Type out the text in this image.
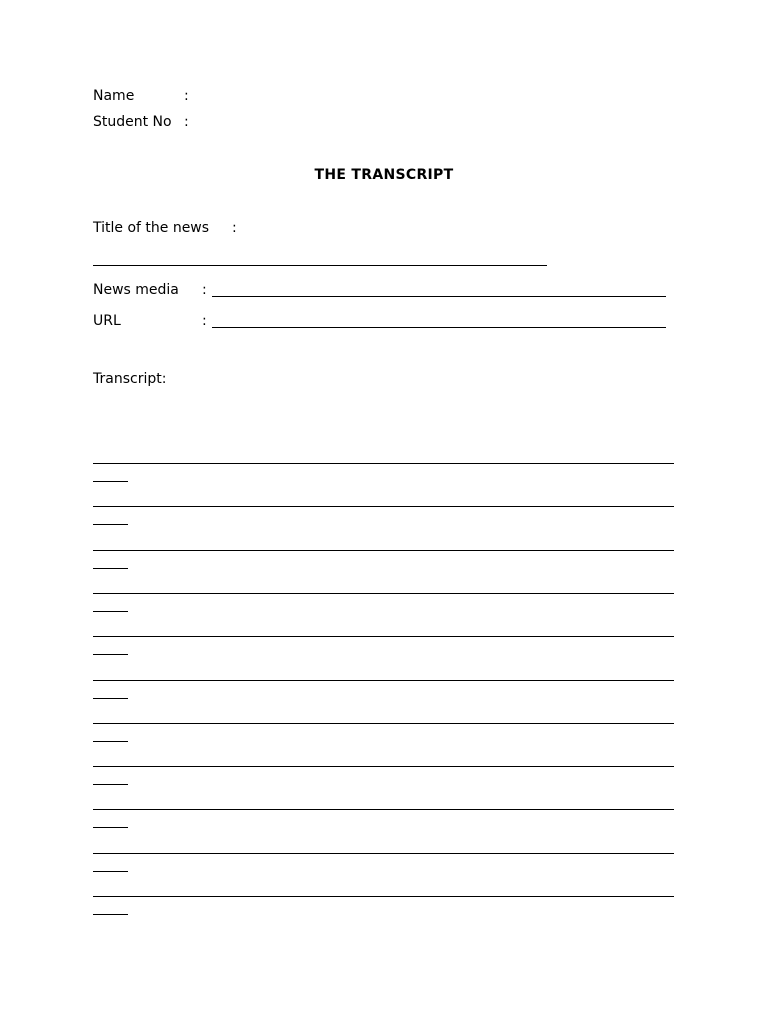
Name	:
Student No :
THE TRANSCRIPT
Title of the news :
News media :
URL	:
Transcript:
